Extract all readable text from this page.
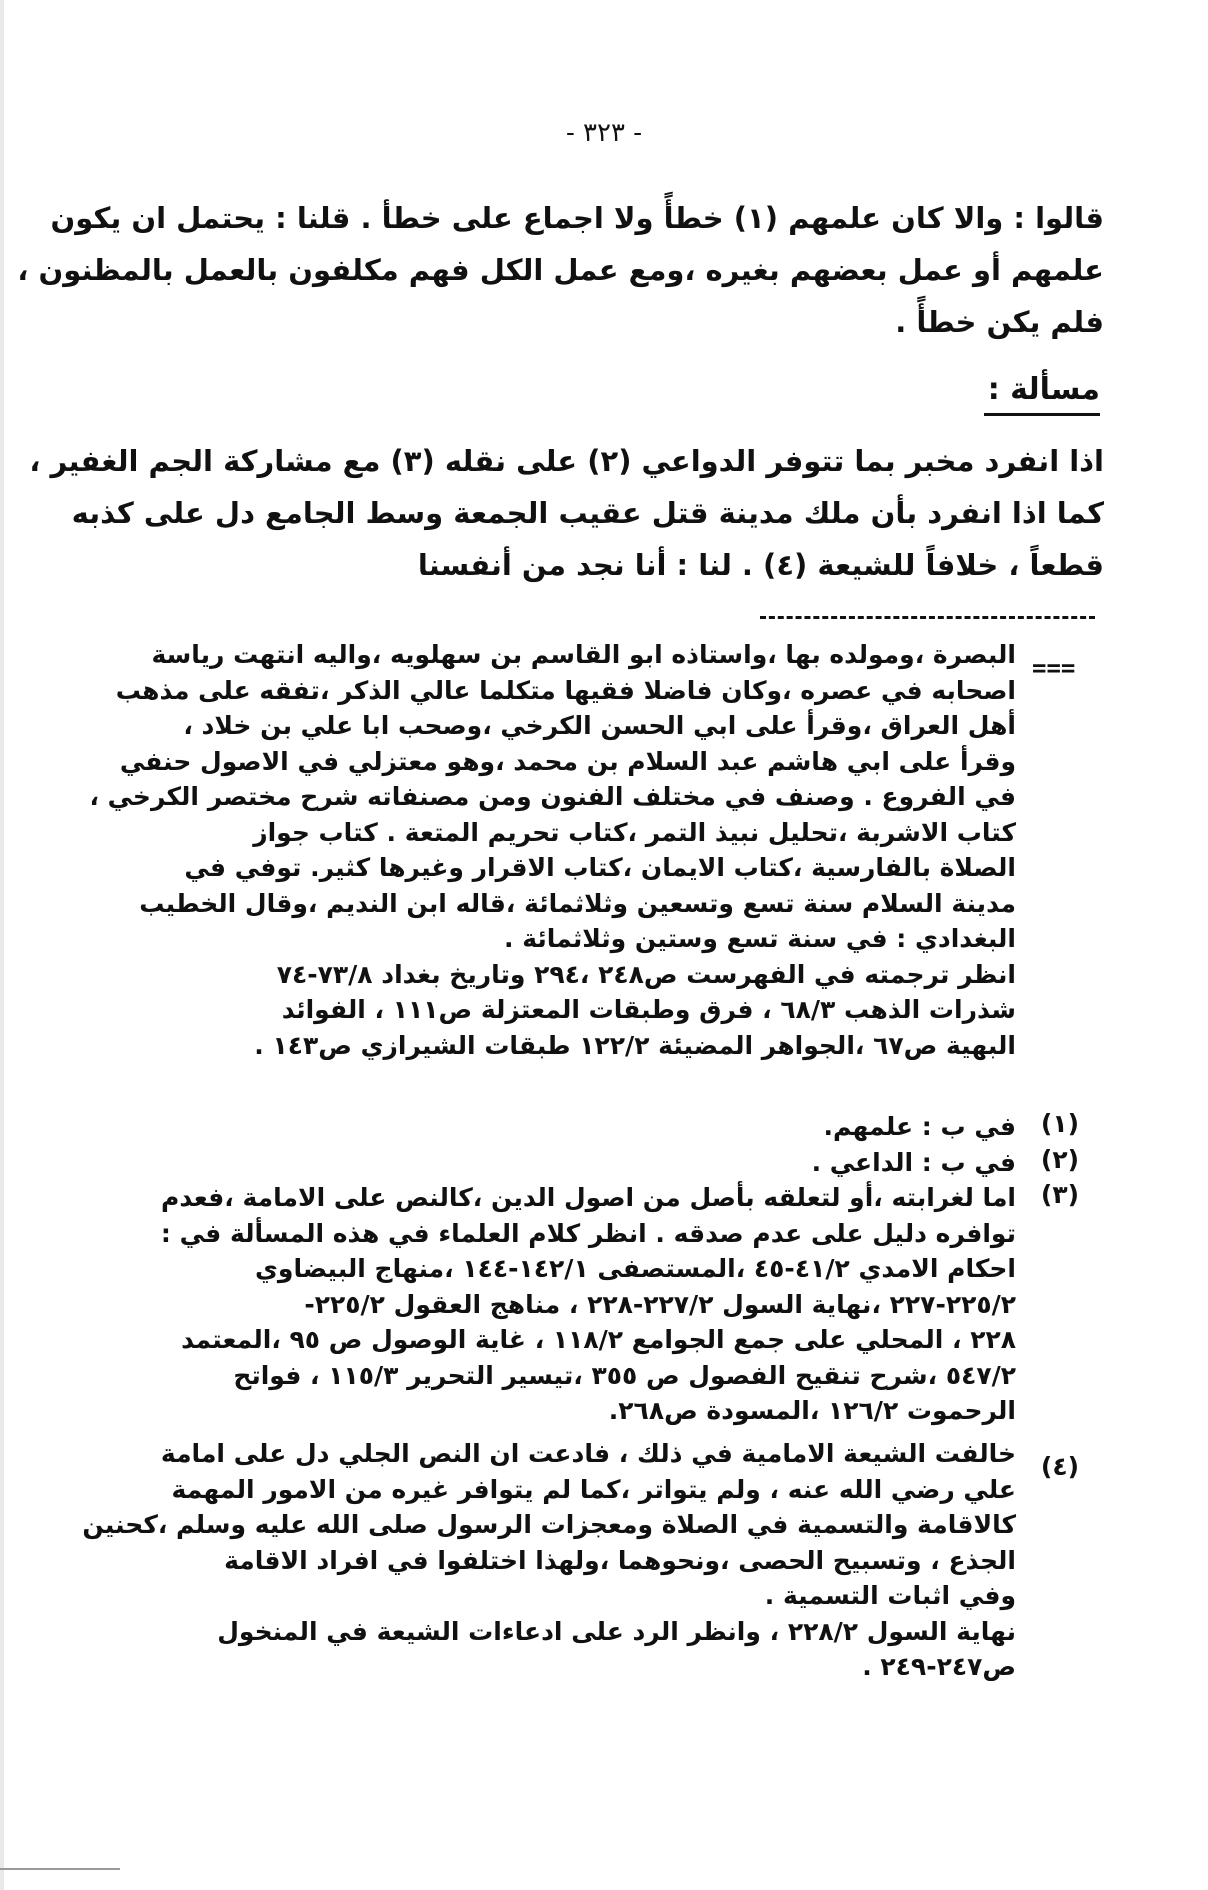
- ٣٢٣ -
قالوا : والا كان علمهم (١) خطأً ولا اجماع على خطأ . قلنا : يحتمل ان يكون
علمهم أو عمل بعضهم بغيره ،ومع عمل الكل فهم مكلفون بالعمل بالمظنون ،
فلم يكن خطأً .
مسألة :
اذا انفرد مخبر بما تتوفر الدواعي (٢) على نقله (٣) مع مشاركة الجم الغفير ،
كما اذا انفرد بأن ملك مدينة قتل عقيب الجمعة وسط الجامع دل على كذبه
قطعاً ، خلافاً للشيعة (٤) . لنا : أنا نجد من أنفسنا
===
البصرة ،ومولده بها ،واستاذه ابو القاسم بن سهلويه ،واليه انتهت رياسة
اصحابه في عصره ،وكان فاضلا فقيها متكلما عالي الذكر ،تفقه على مذهب
أهل العراق ،وقرأ على ابي الحسن الكرخي ،وصحب ابا علي بن خلاد ،
وقرأ على ابي هاشم عبد السلام بن محمد ،وهو معتزلي في الاصول حنفي
في الفروع . وصنف في مختلف الفنون ومن مصنفاته شرح مختصر الكرخي ،
كتاب الاشربة ،تحليل نبيذ التمر ،كتاب تحريم المتعة . كتاب جواز
الصلاة بالفارسية ،كتاب الايمان ،كتاب الاقرار وغيرها كثير. توفي في
مدينة السلام سنة تسع وتسعين وثلاثمائة ،قاله ابن النديم ،وقال الخطيب
البغدادي : في سنة تسع وستين وثلاثمائة .
انظر ترجمته في الفهرست ص٢٤٨ ،٢٩٤ وتاريخ بغداد ٧٣/٨-٧٤
شذرات الذهب ٦٨/٣ ، فرق وطبقات المعتزلة ص١١١ ، الفوائد
البهية ص٦٧ ،الجواهر المضيئة ١٢٢/٢ طبقات الشيرازي ص١٤٣ .
(١)
في ب : علمهم.
(٢)
في ب : الداعي .
(٣)
اما لغرابته ،أو لتعلقه بأصل من اصول الدين ،كالنص على الامامة ،فعدم
توافره دليل على عدم صدقه . انظر كلام العلماء في هذه المسألة في :
احكام الامدي ٤١/٢-٤٥ ،المستصفى ١٤٢/١-١٤٤ ،منهاج البيضاوي
٢٢٥/٢-٢٢٧ ،نهاية السول ٢٢٧/٢-٢٢٨ ، مناهج العقول ٢٢٥/٢-
٢٢٨ ، المحلي على جمع الجوامع ١١٨/٢ ، غاية الوصول ص ٩٥ ،المعتمد
٥٤٧/٢ ،شرح تنقيح الفصول ص ٣٥٥ ،تيسير التحرير ١١٥/٣ ، فواتح
الرحموت ١٢٦/٢ ،المسودة ص٢٦٨.
(٤)
خالفت الشيعة الامامية في ذلك ، فادعت ان النص الجلي دل على امامة
علي رضي الله عنه ، ولم يتواتر ،كما لم يتوافر غيره من الامور المهمة
كالاقامة والتسمية في الصلاة ومعجزات الرسول صلى الله عليه وسلم ،كحنين
الجذع ، وتسبيح الحصى ،ونحوهما ،ولهذا اختلفوا في افراد الاقامة
وفي اثبات التسمية .
نهاية السول ٢٢٨/٢ ، وانظر الرد على ادعاءات الشيعة في المنخول
ص٢٤٧-٢٤٩ .
